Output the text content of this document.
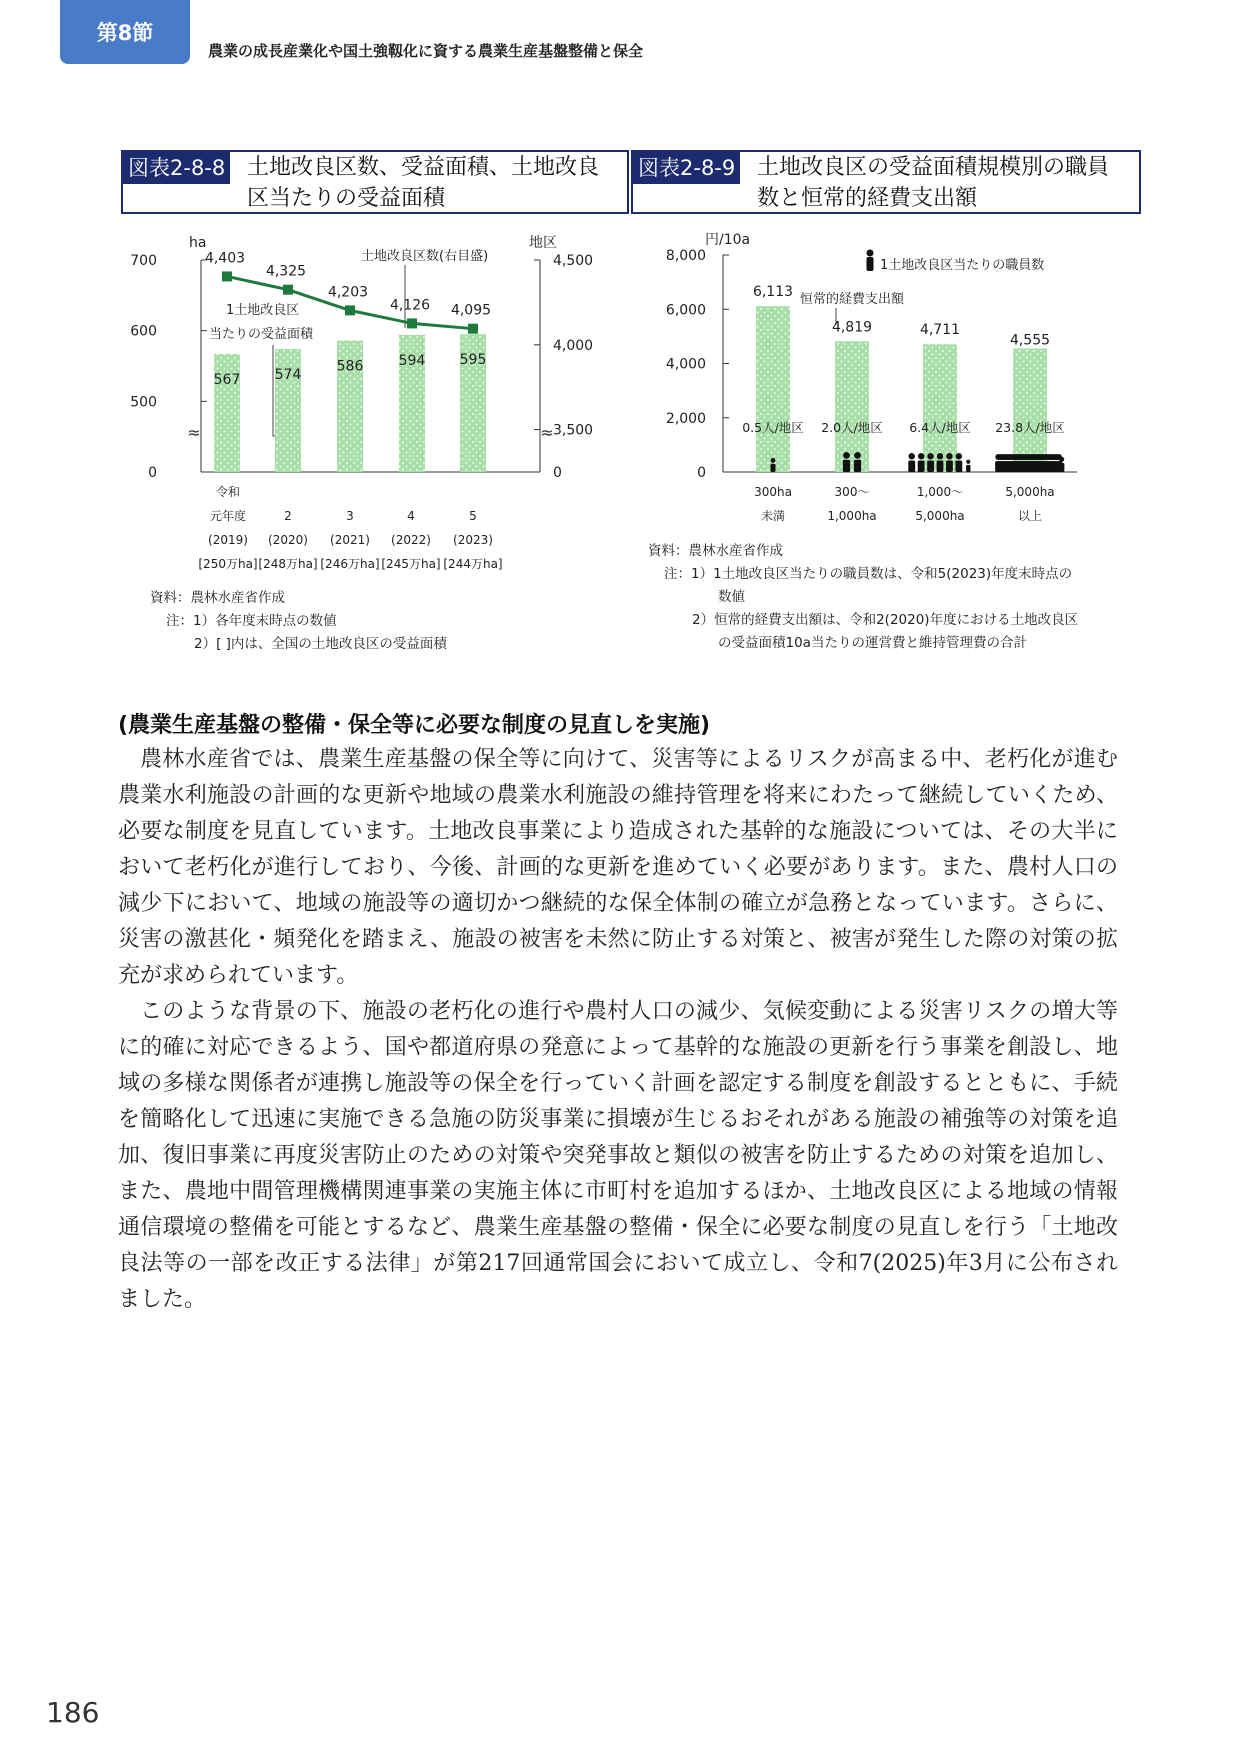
第8節
農業の成長産業化や国土強靱化に資する農業生産基盤整備と保全
図表2-8-8 土地改良区数、受益面積、土地改良
区当たりの受益面積
図表2-8-9 土地改良区の受益面積規模別の職員
数と恒常的経費支出額
ha	地区
土地改良区数(右目盛)
1土地改良区
当たりの受益面積
≈	≈
700
600
500
0
4,500
4,000
3,500
0
567 574
586	594 595
4,403
4,325
4,203
4,126 4,095
令和
元年度
(2019)
[250万ha]
2
(2020)
[248万ha]
3
(2021)
[246万ha]
4
(2022)
[245万ha]
5
(2023)
[244万ha]
資料：農林水産省作成
注：1）各年度末時点の数値
2）[ ]内は、全国の土地改良区の受益面積
円/10a
1土地改良区当たりの職員数
恒常的経費支出額
8,000
6,000
4,000
2,000
0
6,113
4,819	4,711
4,555
0.5人/地区 2.0人/地区 6.4人/地区 23.8人/地区
300ha
未満
300～
1,000ha
1,000～
5,000ha
5,000ha
以上
資料：農林水産省作成
注：1）1土地改良区当たりの職員数は、令和5(2023)年度末時点の
数値
2）恒常的経費支出額は、令和2(2020)年度における土地改良区
の受益面積10a当たりの運営費と維持管理費の合計
(農業生産基盤の整備・保全等に必要な制度の見直しを実施)

農林水産省では、農業生産基盤の保全等に向けて、災害等によるリスクが高まる中、老朽化が進む農業水利施設の計画的な更新や地域の農業水利施設の維持管理を将来にわたって継続していくため、必要な制度を見直しています。土地改良事業により造成された基幹的な施設については、その大半において老朽化が進行しており、今後、計画的な更新を進めていく必要があります。また、農村人口の減少下において、地域の施設等の適切かつ継続的な保全体制の確立が急務となっています。さらに、災害の激甚化・頻発化を踏まえ、施設の被害を未然に防止する対策と、被害が発生した際の対策の拡充が求められています。

このような背景の下、施設の老朽化の進行や農村人口の減少、気候変動による災害リスクの増大等に的確に対応できるよう、国や都道府県の発意によって基幹的な施設の更新を行う事業を創設し、地域の多様な関係者が連携し施設等の保全を行っていく計画を認定する制度を創設するとともに、手続を簡略化して迅速に実施できる急施の防災事業に損壊が生じるおそれがある施設の補強等の対策を追加、復旧事業に再度災害防止のための対策や突発事故と類似の被害を防止するための対策を追加し、また、農地中間管理機構関連事業の実施主体に市町村を追加するほか、土地改良区による地域の情報通信環境の整備を可能とするなど、農業生産基盤の整備・保全に必要な制度の見直しを行う「土地改良法等の一部を改正する法律」が第217回通常国会において成立し、令和7(2025)年3月に公布されました。

186
